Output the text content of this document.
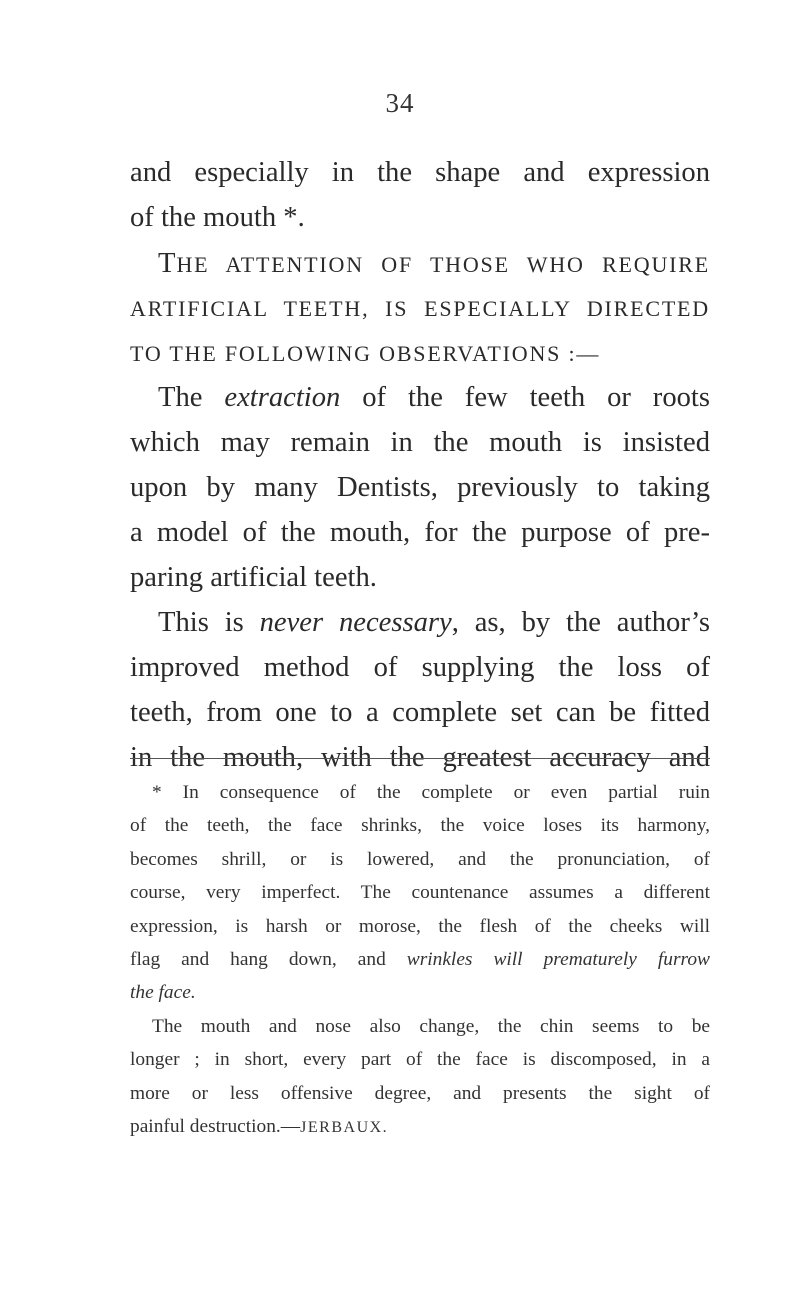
34
and especially in the shape and expression
of the mouth *.
THE ATTENTION OF THOSE WHO REQUIRE
ARTIFICIAL TEETH, IS ESPECIALLY DIRECTED
TO THE FOLLOWING OBSERVATIONS :—
The extraction of the few teeth or roots
which may remain in the mouth is insisted
upon by many Dentists, previously to taking
a model of the mouth, for the purpose of pre-
paring artificial teeth.
This is never necessary, as, by the author’s
improved method of supplying the loss of
teeth, from one to a complete set can be fitted
in the mouth, with the greatest accuracy and
* In consequence of the complete or even partial ruin
of the teeth, the face shrinks, the voice loses its harmony,
becomes shrill, or is lowered, and the pronunciation, of
course, very imperfect. The countenance assumes a different
expression, is harsh or morose, the flesh of the cheeks will
flag and hang down, and wrinkles will prematurely furrow
the face.
The mouth and nose also change, the chin seems to be
longer ; in short, every part of the face is discomposed, in a
more or less offensive degree, and presents the sight of
painful destruction.—JERBAUX.
